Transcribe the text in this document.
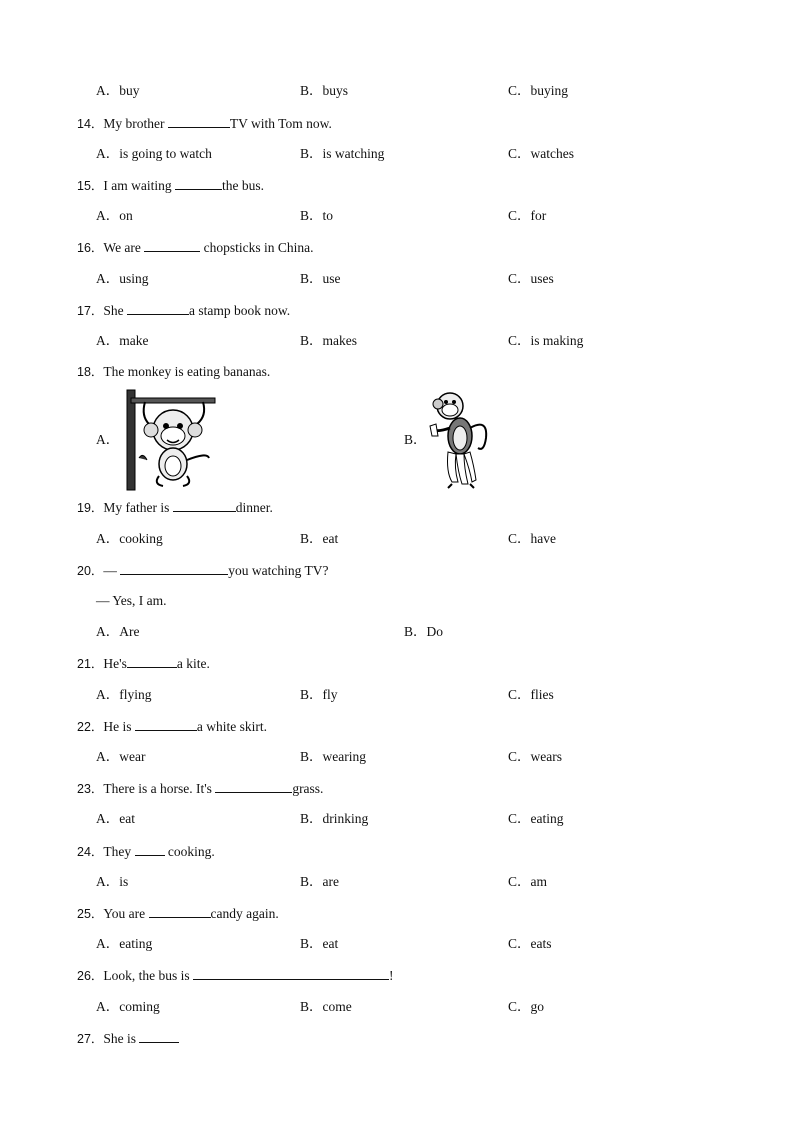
A．buy	B．buys	C．buying
14．My brother	TV with Tom now.
A．is going to watch	B．is watching	C．watches
15．I am waiting	the bus.
A．on	B．to	C．for
16．We are	chopsticks in China.
A．using	B．use	C．uses
17．She	a stamp book now.
A．make	B．makes	C．is making
18．The monkey is eating bananas.
A．	B．
19．My father is	dinner.
A．cooking	B．eat	C．have
20．—	you watching TV?
— Yes, I am.
A．Are	B．Do
21．He's	a kite.
A．flying	B．fly	C．flies
22．He is	a white skirt.
A．wear	B．wearing	C．wears
23．There is a horse. It's	grass.
A．eat	B．drinking	C．eating
24．They  cooking.
A．is	B．are	C．am
25．You are	candy again.
A．eating	B．eat	C．eats
26．Look, the bus is	!
A．coming	B．come	C．go
27．She is
